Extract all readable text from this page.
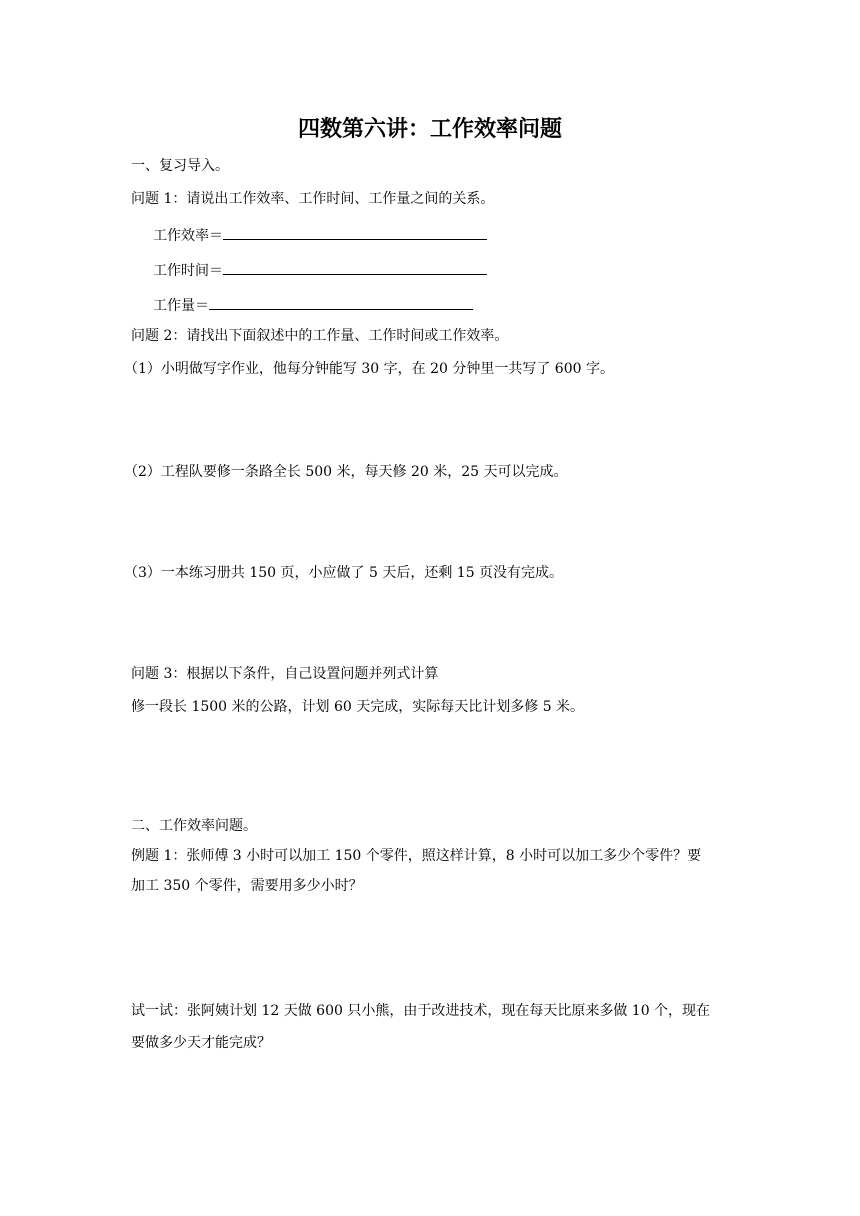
四数第六讲：工作效率问题

一、复习导入。

问题 1：请说出工作效率、工作时间、工作量之间的关系。

工作效率＝

工作时间＝

工作量＝

问题 2：请找出下面叙述中的工作量、工作时间或工作效率。

（1）小明做写字作业，他每分钟能写 30 字，在 20 分钟里一共写了 600 字。

（2）工程队要修一条路全长 500 米，每天修 20 米，25 天可以完成。

（3）一本练习册共 150 页，小应做了 5 天后，还剩 15 页没有完成。

问题 3：根据以下条件，自己设置问题并列式计算

修一段长 1500 米的公路，计划 60 天完成，实际每天比计划多修 5 米。

二、工作效率问题。

例题 1：张师傅 3 小时可以加工 150 个零件，照这样计算，8 小时可以加工多少个零件？要

加工 350 个零件，需要用多少小时？

试一试：张阿姨计划 12 天做 600 只小熊，由于改进技术，现在每天比原来多做 10 个，现在

要做多少天才能完成？
